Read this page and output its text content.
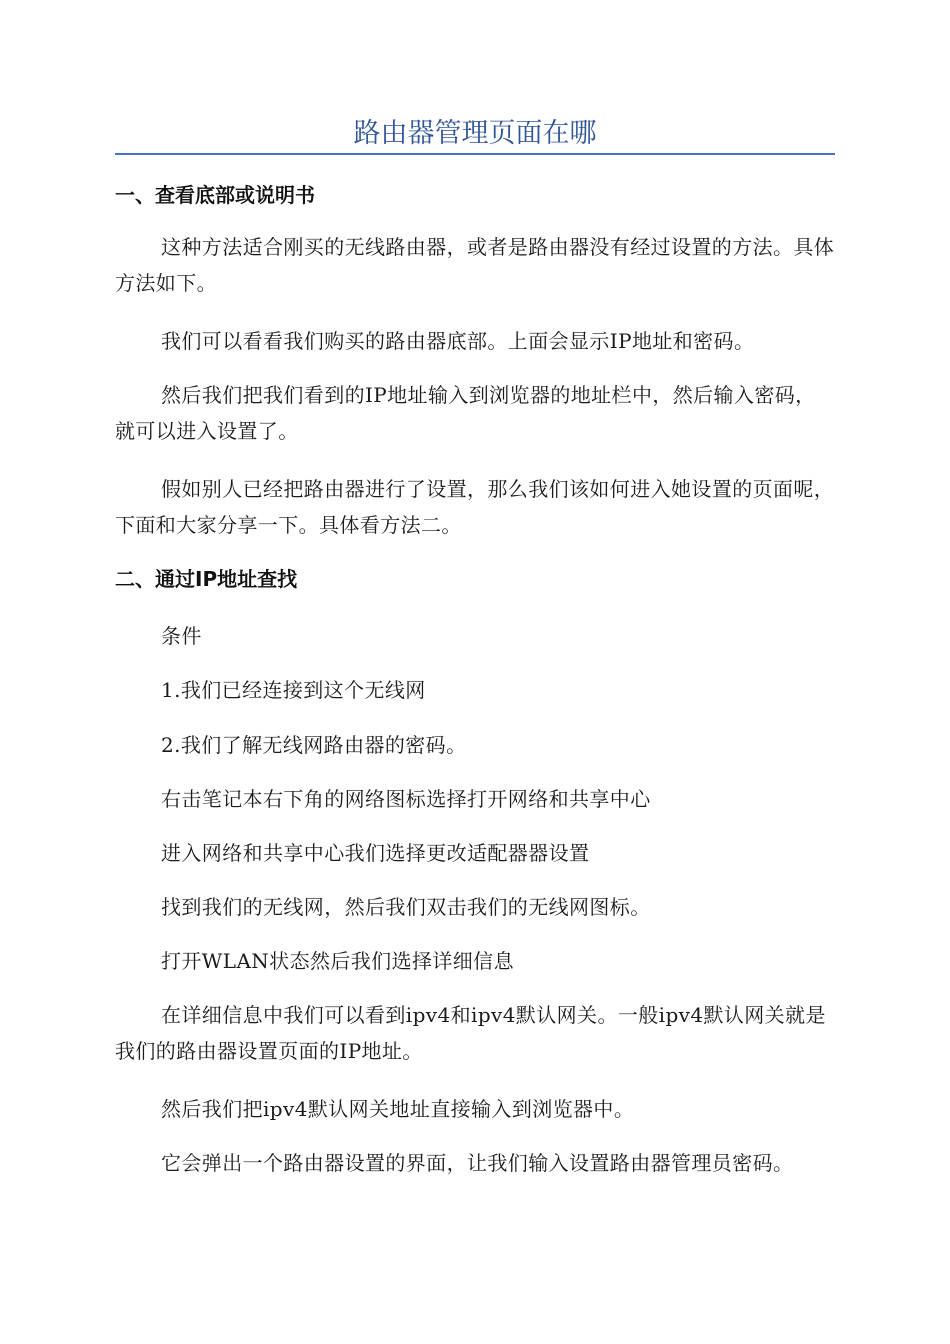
路由器管理页面在哪
一、查看底部或说明书

这种方法适合刚买的无线路由器，或者是路由器没有经过设置的方法。具体方法如下。

我们可以看看我们购买的路由器底部。上面会显示IP地址和密码。

然后我们把我们看到的IP地址输入到浏览器的地址栏中，然后输入密码，就可以进入设置了。

假如别人已经把路由器进行了设置，那么我们该如何进入她设置的页面呢，下面和大家分享一下。具体看方法二。

二、通过IP地址查找

条件

1.我们已经连接到这个无线网

2.我们了解无线网路由器的密码。

右击笔记本右下角的网络图标选择打开网络和共享中心

进入网络和共享中心我们选择更改适配器器设置

找到我们的无线网，然后我们双击我们的无线网图标。

打开WLAN状态然后我们选择详细信息

在详细信息中我们可以看到ipv4和ipv4默认网关。一般ipv4默认网关就是我们的路由器设置页面的IP地址。

然后我们把ipv4默认网关地址直接输入到浏览器中。

它会弹出一个路由器设置的界面，让我们输入设置路由器管理员密码。
